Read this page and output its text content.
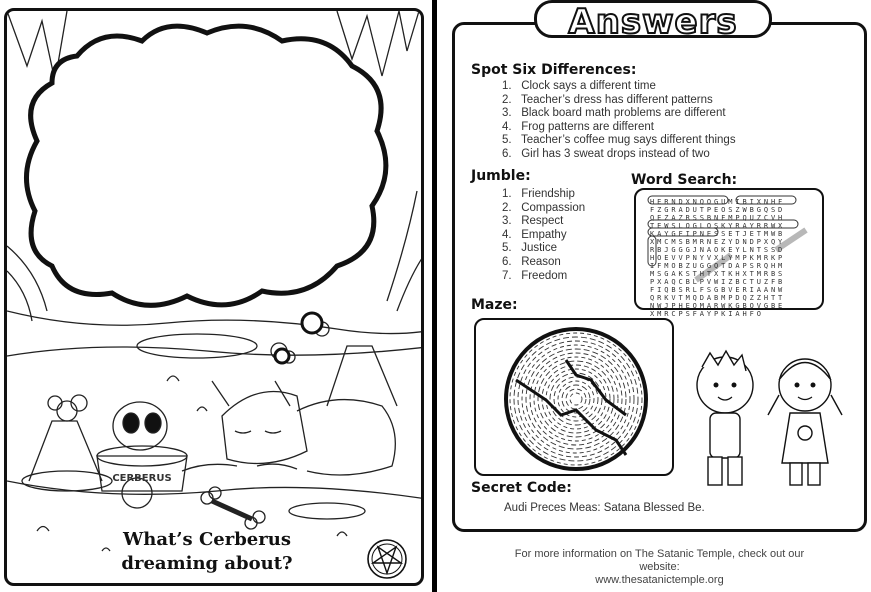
CERBERUS
What’s Cerberus
dreaming about?
Answers
Spot Six Differences:
1. Clock says a different time
2. Teacher’s dress has different patterns
3. Black board math problems are different
4. Frog patterns are different
5. Teacher’s coffee mug says different things
6. Girl has 3 sweat drops instead of two
Jumble:
1. Friendship
2. Compassion
3. Respect
4. Empathy
5. Justice
6. Reason
7. Freedom
Word Search:
HERNDXNQOGUMIBIXNHF
FZGRADUTPEOSZWBGQSD
QEZAZRSSBNFMPQUZCVH
TEWSLOGLOSKYRAYRRWX
KAYGFIPNESSETJETMWB
XMCMSBMRNEZYDNDPXQY
RBJGGGJNAOKEYLNTSSD
HOEVVPNYVXLYMPKMRKP
IFMOBZUGGQTDAPSRQHM
MSGAKSTHTXTKHXTMRBS
PXAQCBLPVWIZBCTUZFB
FIQBSRLFSGBVERIAANW
QRKVTMQDABMPDQZZHTT
NWJPHEOMARWKGBOVGBE
XMRCPSFAYPKIAHFO
Maze:
Secret Code:
Audi Preces Meas: Satana Blessed Be.
For more information on The Satanic Temple, check out our
website:
www.thesatanictemple.org
